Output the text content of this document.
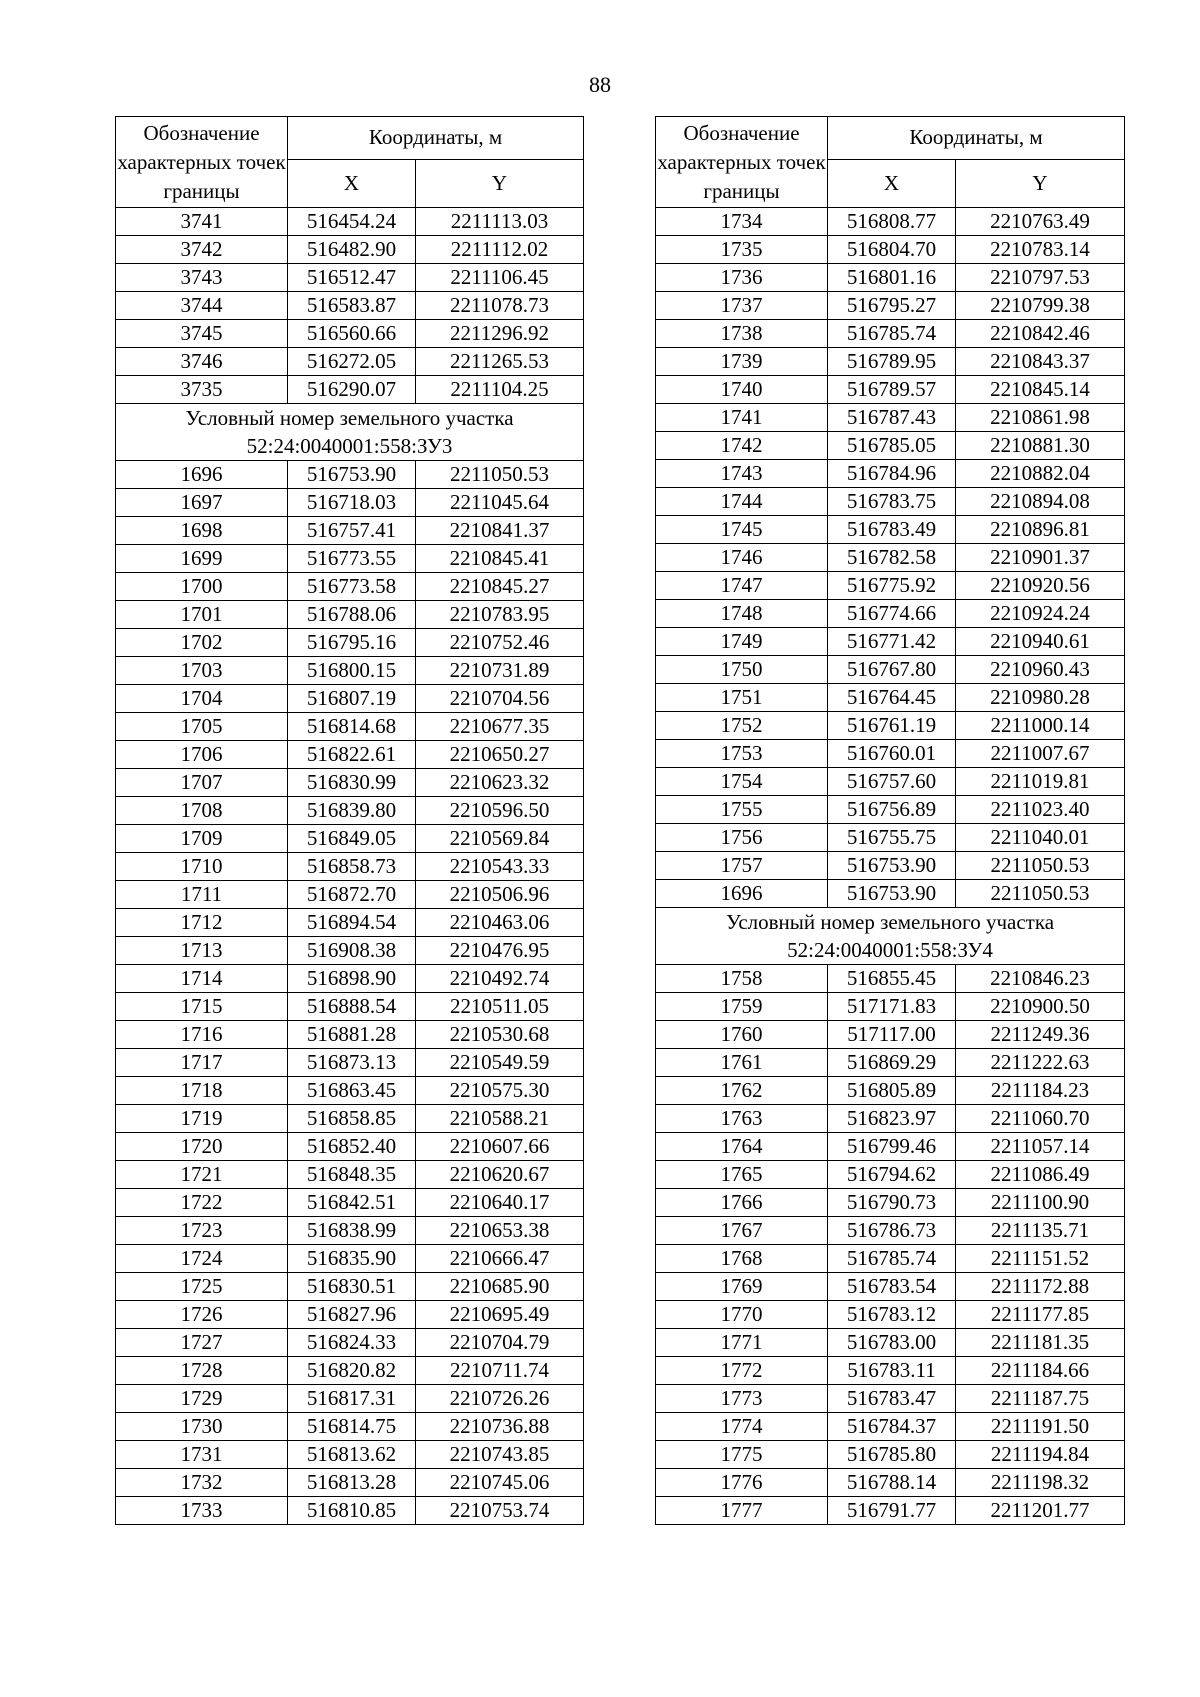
88
Обозначение характерных точек границы	Координаты, м	
	X	Y
3741	516454.24	2211113.03
3742	516482.90	2211112.02
3743	516512.47	2211106.45
3744	516583.87	2211078.73
3745	516560.66	2211296.92
3746	516272.05	2211265.53
3735	516290.07	2211104.25

Условный номер земельного участка
52:24:0040001:558:ЗУ3		

1696	516753.90	2211050.53
1697	516718.03	2211045.64
1698	516757.41	2210841.37
1699	516773.55	2210845.41
1700	516773.58	2210845.27
1701	516788.06	2210783.95
1702	516795.16	2210752.46
1703	516800.15	2210731.89
1704	516807.19	2210704.56
1705	516814.68	2210677.35
1706	516822.61	2210650.27
1707	516830.99	2210623.32
1708	516839.80	2210596.50
1709	516849.05	2210569.84
1710	516858.73	2210543.33
1711	516872.70	2210506.96
1712	516894.54	2210463.06
1713	516908.38	2210476.95
1714	516898.90	2210492.74
1715	516888.54	2210511.05
1716	516881.28	2210530.68
1717	516873.13	2210549.59
1718	516863.45	2210575.30
1719	516858.85	2210588.21
1720	516852.40	2210607.66
1721	516848.35	2210620.67
1722	516842.51	2210640.17
1723	516838.99	2210653.38
1724	516835.90	2210666.47
1725	516830.51	2210685.90
1726	516827.96	2210695.49
1727	516824.33	2210704.79
1728	516820.82	2210711.74
1729	516817.31	2210726.26
1730	516814.75	2210736.88
1731	516813.62	2210743.85
1732	516813.28	2210745.06
1733	516810.85	2210753.74
Обозначение характерных точек границы	Координаты, м	
	X	Y
1734	516808.77	2210763.49
1735	516804.70	2210783.14
1736	516801.16	2210797.53
1737	516795.27	2210799.38
1738	516785.74	2210842.46
1739	516789.95	2210843.37
1740	516789.57	2210845.14
1741	516787.43	2210861.98
1742	516785.05	2210881.30
1743	516784.96	2210882.04
1744	516783.75	2210894.08
1745	516783.49	2210896.81
1746	516782.58	2210901.37
1747	516775.92	2210920.56
1748	516774.66	2210924.24
1749	516771.42	2210940.61
1750	516767.80	2210960.43
1751	516764.45	2210980.28
1752	516761.19	2211000.14
1753	516760.01	2211007.67
1754	516757.60	2211019.81
1755	516756.89	2211023.40
1756	516755.75	2211040.01
1757	516753.90	2211050.53
1696	516753.90	2211050.53

Условный номер земельного участка
52:24:0040001:558:ЗУ4		

1758	516855.45	2210846.23
1759	517171.83	2210900.50
1760	517117.00	2211249.36
1761	516869.29	2211222.63
1762	516805.89	2211184.23
1763	516823.97	2211060.70
1764	516799.46	2211057.14
1765	516794.62	2211086.49
1766	516790.73	2211100.90
1767	516786.73	2211135.71
1768	516785.74	2211151.52
1769	516783.54	2211172.88
1770	516783.12	2211177.85
1771	516783.00	2211181.35
1772	516783.11	2211184.66
1773	516783.47	2211187.75
1774	516784.37	2211191.50
1775	516785.80	2211194.84
1776	516788.14	2211198.32
1777	516791.77	2211201.77
